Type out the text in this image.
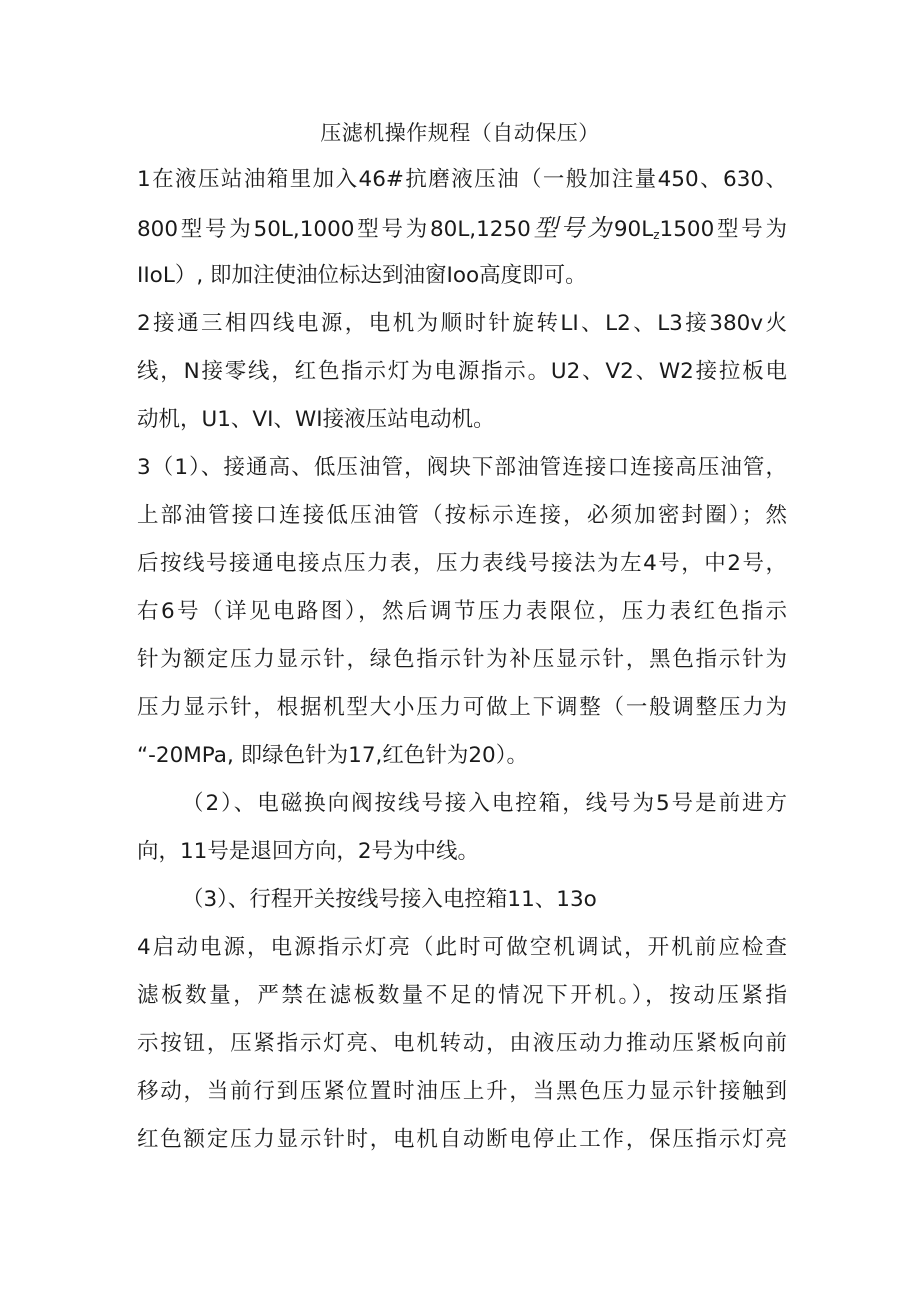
压滤机操作规程（自动保压）
1在液压站油箱里加入46#抗磨液压油（一般加注量450、630、
800型号为50L,1000型号为80L,1250型号为$90L_z1500$型号为
IIoL）, 即加注使油位标达到油窗Ioo高度即可。
2接通三相四线电源，电机为顺时针旋转LI、L2、L3接380v火
线，N接零线，红色指示灯为电源指示。U2、V2、W2接拉板电
动机，U1、VI、WI接液压站电动机。
3（1）、接通高、低压油管，阀块下部油管连接口连接高压油管，
上部油管接口连接低压油管（按标示连接，必须加密封圈）；然
后按线号接通电接点压力表，压力表线号接法为左4号，中2号，
右6号（详见电路图），然后调节压力表限位，压力表红色指示
针为额定压力显示针，绿色指示针为补压显示针，黑色指示针为
压力显示针，根据机型大小压力可做上下调整（一般调整压力为
“-20MPa, 即绿色针为17,红色针为20）。
（2）、电磁换向阀按线号接入电控箱，线号为5号是前进方
向，11号是退回方向，2号为中线。
（3）、行程开关按线号接入电控箱11、13o
4启动电源，电源指示灯亮（此时可做空机调试，开机前应检查
滤板数量，严禁在滤板数量不足的情况下开机。），按动压紧指
示按钮，压紧指示灯亮、电机转动，由液压动力推动压紧板向前
移动，当前行到压紧位置时油压上升，当黑色压力显示针接触到
红色额定压力显示针时，电机自动断电停止工作，保压指示灯亮
